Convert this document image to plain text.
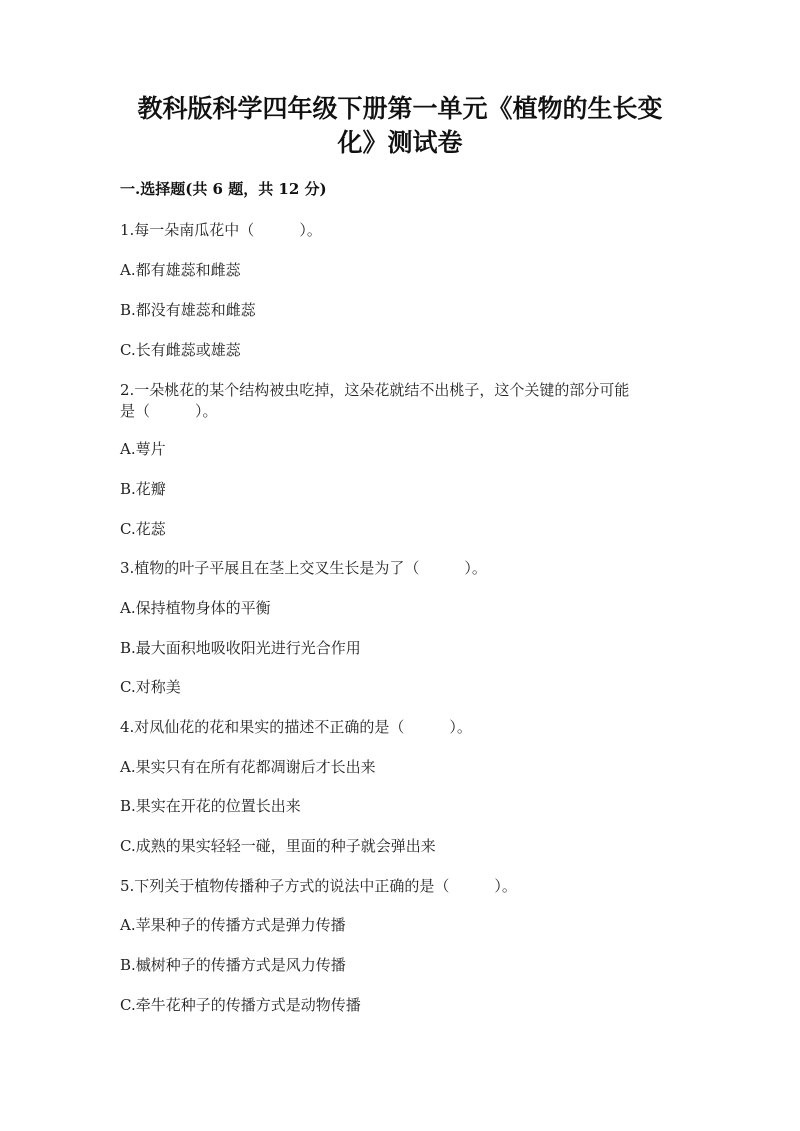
教科版科学四年级下册第一单元《植物的生长变
化》测试卷
一.选择题(共 6 题，共 12 分)
1.每一朵南瓜花中（　　　）。
A.都有雄蕊和雌蕊
B.都没有雄蕊和雌蕊
C.长有雌蕊或雄蕊
2.一朵桃花的某个结构被虫吃掉，这朵花就结不出桃子，这个关键的部分可能
是（　　　）。
A.萼片
B.花瓣
C.花蕊
3.植物的叶子平展且在茎上交叉生长是为了（　　　）。
A.保持植物身体的平衡
B.最大面积地吸收阳光进行光合作用
C.对称美
4.对凤仙花的花和果实的描述不正确的是（　　　）。
A.果实只有在所有花都凋谢后才长出来
B.果实在开花的位置长出来
C.成熟的果实轻轻一碰，里面的种子就会弹出来
5.下列关于植物传播种子方式的说法中正确的是（　　　）。
A.苹果种子的传播方式是弹力传播
B.槭树种子的传播方式是风力传播
C.牵牛花种子的传播方式是动物传播
